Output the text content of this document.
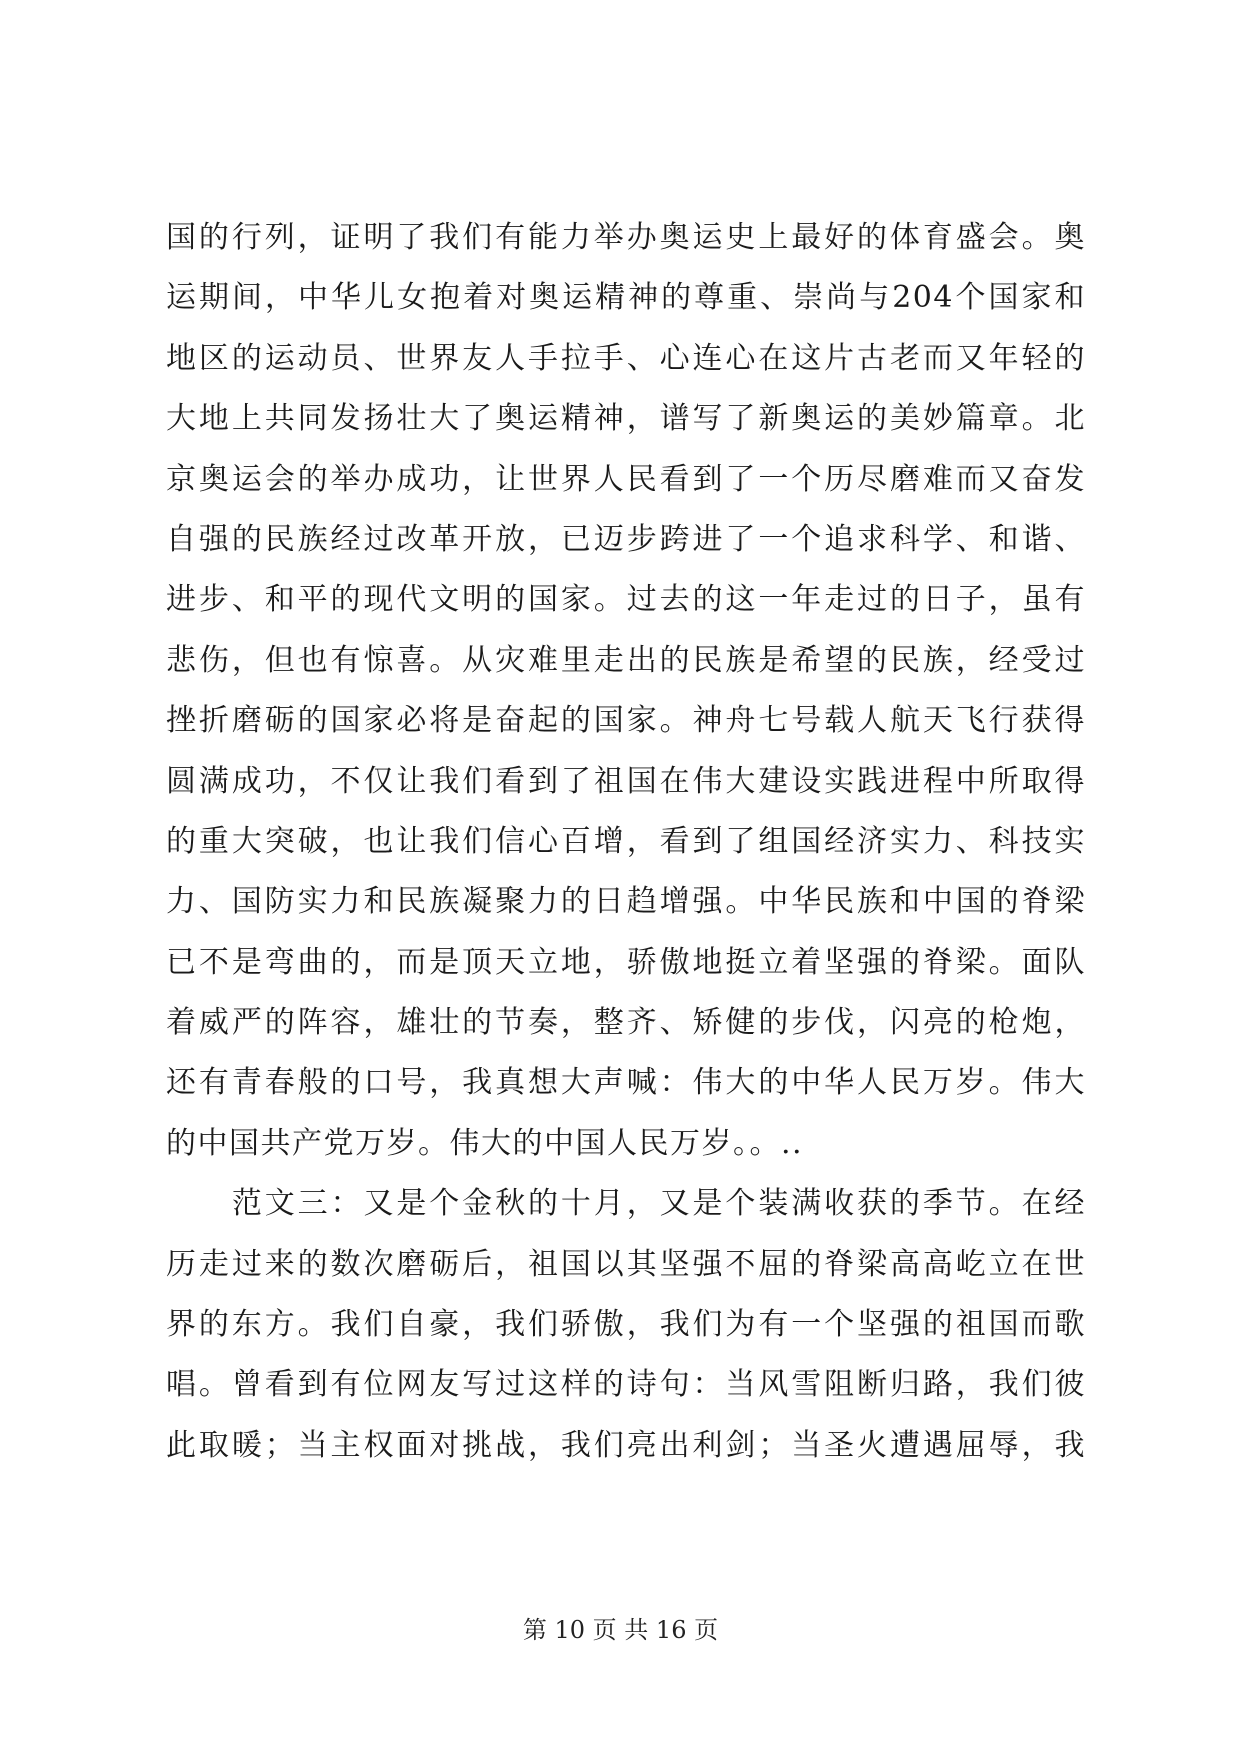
国的行列，证明了我们有能力举办奥运史上最好的体育盛会。奥
运期间，中华儿女抱着对奥运精神的尊重、崇尚与204个国家和
地区的运动员、世界友人手拉手、心连心在这片古老而又年轻的
大地上共同发扬壮大了奥运精神，谱写了新奥运的美妙篇章。北
京奥运会的举办成功，让世界人民看到了一个历尽磨难而又奋发
自强的民族经过改革开放，已迈步跨进了一个追求科学、和谐、
进步、和平的现代文明的国家。过去的这一年走过的日子，虽有
悲伤，但也有惊喜。从灾难里走出的民族是希望的民族，经受过
挫折磨砺的国家必将是奋起的国家。神舟七号载人航天飞行获得
圆满成功，不仅让我们看到了祖国在伟大建设实践进程中所取得
的重大突破，也让我们信心百增，看到了组国经济实力、科技实
力、国防实力和民族凝聚力的日趋增强。中华民族和中国的脊梁
已不是弯曲的，而是顶天立地，骄傲地挺立着坚强的脊梁。面队
着威严的阵容，雄壮的节奏，整齐、矫健的步伐，闪亮的枪炮，
还有青春般的口号，我真想大声喊：伟大的中华人民万岁。伟大
的中国共产党万岁。伟大的中国人民万岁。。..
　　范文三：又是个金秋的十月，又是个装满收获的季节。在经
历走过来的数次磨砺后，祖国以其坚强不屈的脊梁高高屹立在世
界的东方。我们自豪，我们骄傲，我们为有一个坚强的祖国而歌
唱。曾看到有位网友写过这样的诗句：当风雪阻断归路，我们彼
此取暖；当主权面对挑战，我们亮出利剑；当圣火遭遇屈辱，我
第 10 页 共 16 页
